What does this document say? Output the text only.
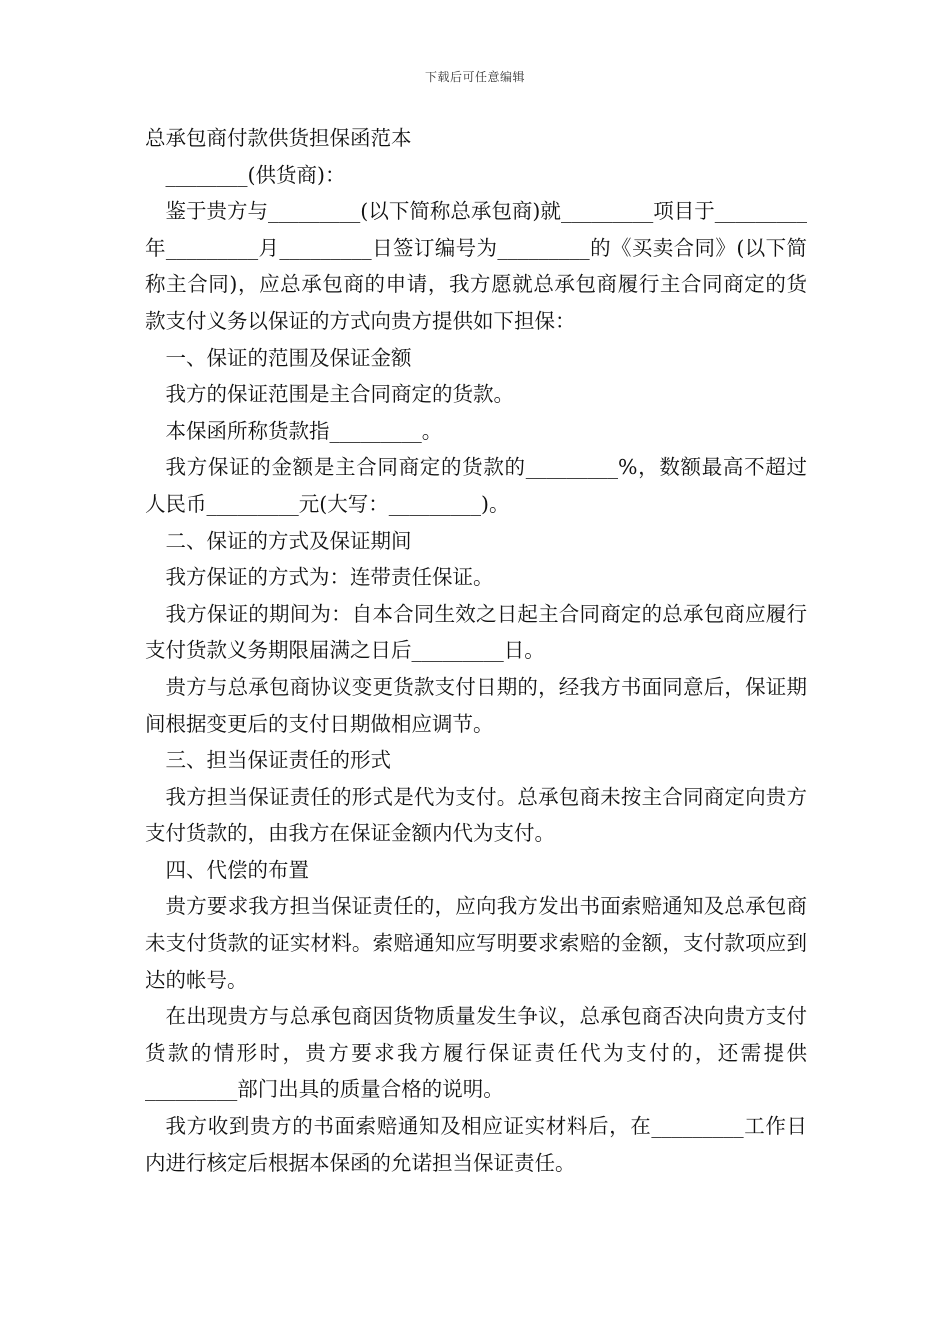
下载后可任意编辑

总承包商付款供货担保函范本

________(供货商)：

鉴于贵方与_________(以下简称总承包商)就_________项目于_________年_________月_________日签订编号为_________的《买卖合同》(以下简称主合同)，应总承包商的申请，我方愿就总承包商履行主合同商定的货款支付义务以保证的方式向贵方提供如下担保：

一、保证的范围及保证金额

我方的保证范围是主合同商定的货款。

本保函所称货款指_________。

我方保证的金额是主合同商定的货款的_________%，数额最高不超过人民币_________元(大写：_________)。

二、保证的方式及保证期间

我方保证的方式为：连带责任保证。

我方保证的期间为：自本合同生效之日起主合同商定的总承包商应履行支付货款义务期限届满之日后_________日。

贵方与总承包商协议变更货款支付日期的，经我方书面同意后，保证期间根据变更后的支付日期做相应调节。

三、担当保证责任的形式

我方担当保证责任的形式是代为支付。总承包商未按主合同商定向贵方支付货款的，由我方在保证金额内代为支付。

四、代偿的布置

贵方要求我方担当保证责任的，应向我方发出书面索赔通知及总承包商未支付货款的证实材料。索赔通知应写明要求索赔的金额，支付款项应到达的帐号。

在出现贵方与总承包商因货物质量发生争议，总承包商否决向贵方支付货款的情形时，贵方要求我方履行保证责任代为支付的，还需提供_________部门出具的质量合格的说明。

我方收到贵方的书面索赔通知及相应证实材料后，在_________工作日内进行核定后根据本保函的允诺担当保证责任。
